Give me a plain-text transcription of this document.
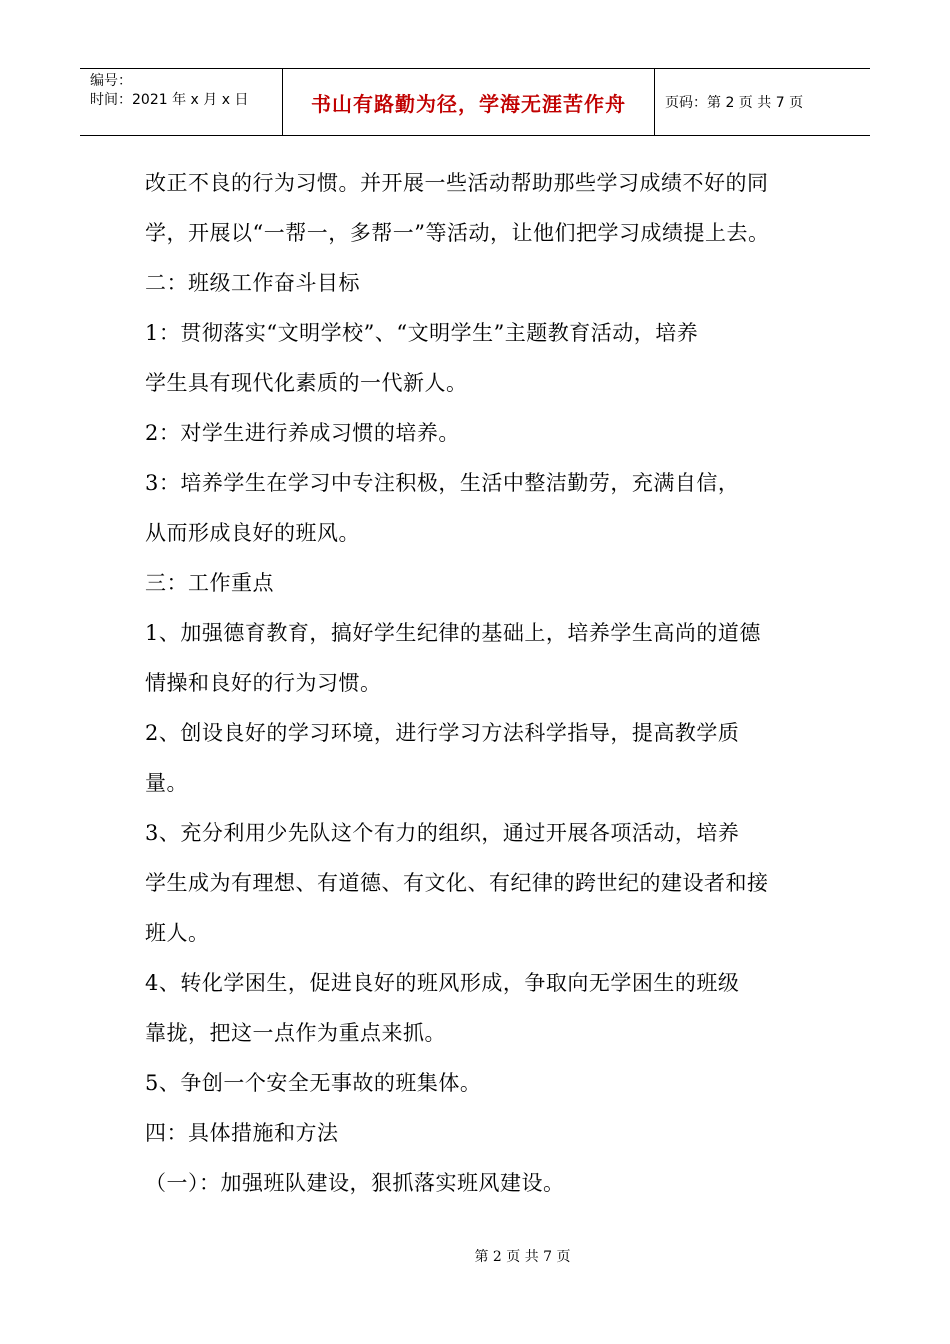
编号：
时间：2021 年 x 月 x 日	书山有路勤为径，学海无涯苦作舟	页码：第 2 页 共 7 页
改正不良的行为习惯。并开展一些活动帮助那些学习成绩不好的同
学，开展以“一帮一，多帮一”等活动，让他们把学习成绩提上去。
二：班级工作奋斗目标
1：贯彻落实“文明学校”、“文明学生”主题教育活动，培养
学生具有现代化素质的一代新人。
2：对学生进行养成习惯的培养。
3：培养学生在学习中专注积极，生活中整洁勤劳，充满自信，
从而形成良好的班风。
三：工作重点
1、加强德育教育，搞好学生纪律的基础上，培养学生高尚的道德
情操和良好的行为习惯。
2、创设良好的学习环境，进行学习方法科学指导，提高教学质
量。
3、充分利用少先队这个有力的组织，通过开展各项活动，培养
学生成为有理想、有道德、有文化、有纪律的跨世纪的建设者和接
班人。
4、转化学困生，促进良好的班风形成，争取向无学困生的班级
靠拢，把这一点作为重点来抓。
5、争创一个安全无事故的班集体。
四：具体措施和方法
（一）：加强班队建设，狠抓落实班风建设。
第 2 页 共 7 页
